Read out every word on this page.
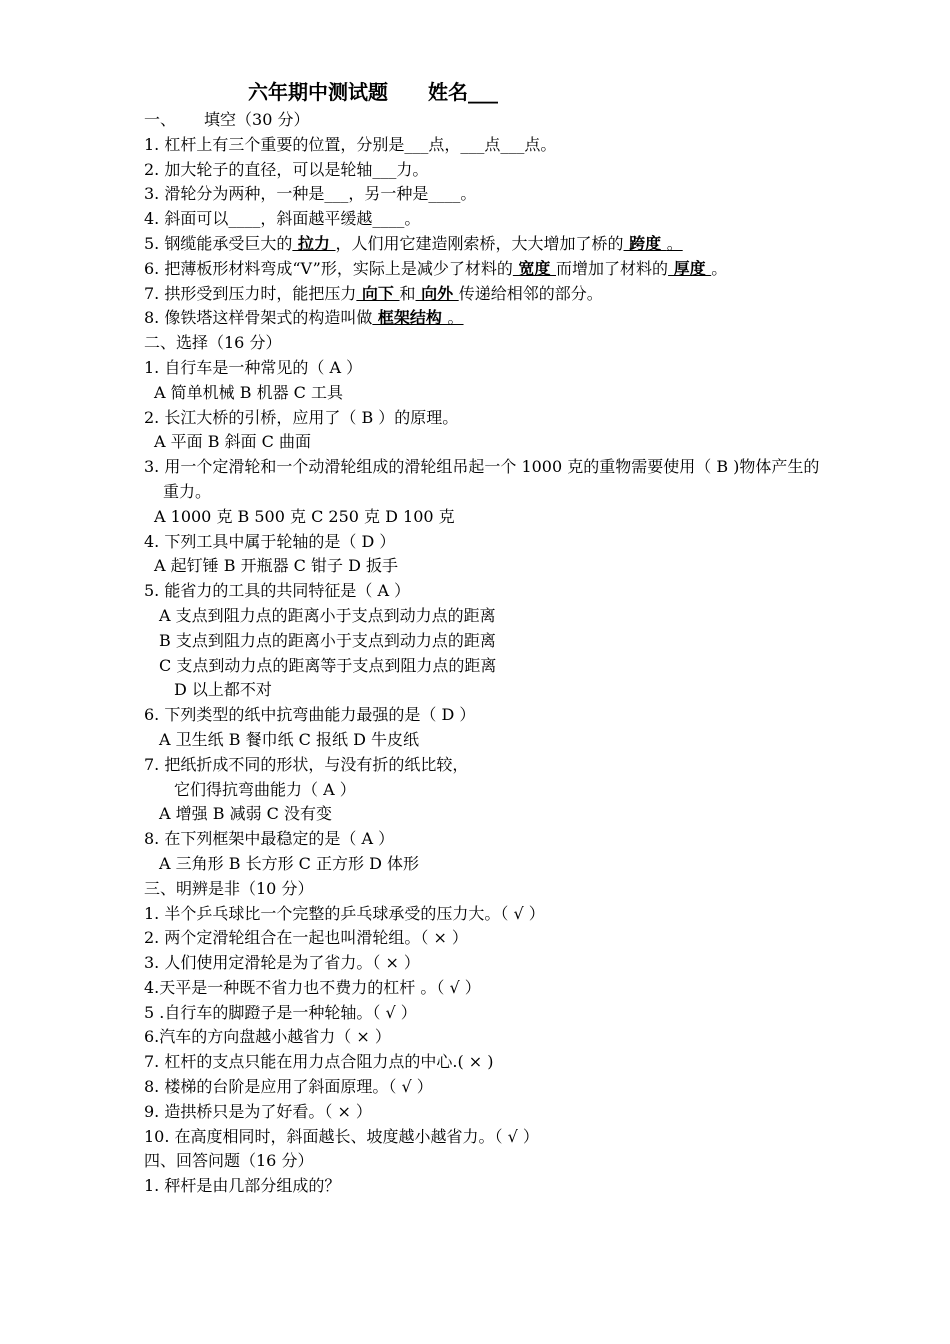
六年期中测试题 姓名___
一、 填空（30 分）
1. 杠杆上有三个重要的位置，分别是___点，___点___点。
2. 加大轮子的直径，可以是轮轴___力。
3. 滑轮分为两种，一种是___，另一种是____。
4. 斜面可以____，斜面越平缓越____。
5. 钢缆能承受巨大的 拉力 ，人们用它建造刚索桥，大大增加了桥的 跨度 。
6. 把薄板形材料弯成“V”形，实际上是减少了材料的 宽度 而增加了材料的 厚度 。
7. 拱形受到压力时，能把压力 向下 和 向外 传递给相邻的部分。
8. 像铁塔这样骨架式的构造叫做 框架结构 。
二、选择（16 分）
1. 自行车是一种常见的（ A ）
A 简单机械 B 机器 C 工具
2. 长江大桥的引桥，应用了（ B ）的原理。
A 平面 B 斜面 C 曲面
3. 用一个定滑轮和一个动滑轮组成的滑轮组吊起一个 1000 克的重物需要使用（ B )物体产生的重力。
A 1000 克 B 500 克 C 250 克 D 100 克
4. 下列工具中属于轮轴的是（ D ）
A 起钉锤 B 开瓶器 C 钳子 D 扳手
5. 能省力的工具的共同特征是（ A ）
A 支点到阻力点的距离小于支点到动力点的距离
B 支点到阻力点的距离小于支点到动力点的距离
C 支点到动力点的距离等于支点到阻力点的距离
D 以上都不对
6. 下列类型的纸中抗弯曲能力最强的是（ D ）
A 卫生纸 B 餐巾纸 C 报纸 D 牛皮纸
7. 把纸折成不同的形状，与没有折的纸比较，
它们得抗弯曲能力（ A ）
A 增强 B 减弱 C 没有变
8. 在下列框架中最稳定的是（ A ）
A 三角形 B 长方形 C 正方形 D 体形
三、明辨是非（10 分）
1. 半个乒乓球比一个完整的乒乓球承受的压力大。（ √ ）
2. 两个定滑轮组合在一起也叫滑轮组。（ × ）
3. 人们使用定滑轮是为了省力。（ × ）
4.天平是一种既不省力也不费力的杠杆 。（ √ ）
5 .自行车的脚蹬子是一种轮轴。（ √ ）
6.汽车的方向盘越小越省力（ × ）
7. 杠杆的支点只能在用力点合阻力点的中心.( × )
8. 楼梯的台阶是应用了斜面原理。（ √ ）
9. 造拱桥只是为了好看。（ × ）
10. 在高度相同时，斜面越长、坡度越小越省力。（ √ ）
四、回答问题（16 分）
1. 秤杆是由几部分组成的？
